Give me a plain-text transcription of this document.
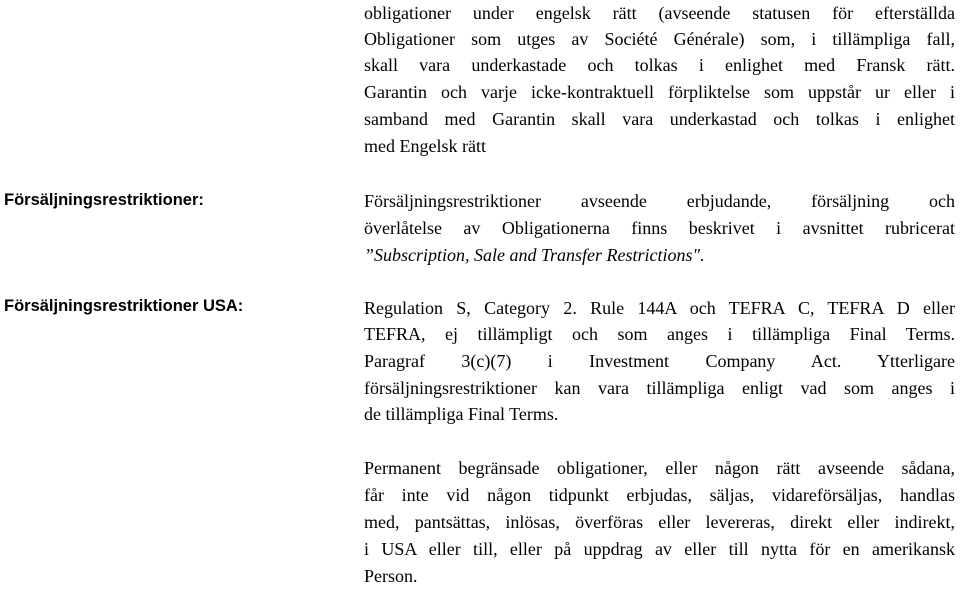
obligationer under engelsk rätt (avseende statusen för efterställda
Obligationer som utges av Société Générale) som, i tillämpliga fall,
skall vara underkastade och tolkas i enlighet med Fransk rätt.
Garantin och varje icke-kontraktuell förpliktelse som uppstår ur eller i
samband med Garantin skall vara underkastad och tolkas i enlighet
med Engelsk rätt
Försäljningsrestriktioner:	Försäljningsrestriktioner avseende erbjudande, försäljning och
överlåtelse av Obligationerna finns beskrivet i avsnittet rubricerat
”Subscription, Sale and Transfer Restrictions".
Försäljningsrestriktioner USA:	Regulation S, Category 2. Rule 144A och TEFRA C, TEFRA D eller
TEFRA, ej tillämpligt och som anges i tillämpliga Final Terms.
Paragraf 3(c)(7) i Investment Company Act. Ytterligare
försäljningsrestriktioner kan vara tillämpliga enligt vad som anges i
de tillämpliga Final Terms.
Permanent begränsade obligationer, eller någon rätt avseende sådana,
får inte vid någon tidpunkt erbjudas, säljas, vidareförsäljas, handlas
med, pantsättas, inlösas, överföras eller levereras, direkt eller indirekt,
i USA eller till, eller på uppdrag av eller till nytta för en amerikansk
Person.
